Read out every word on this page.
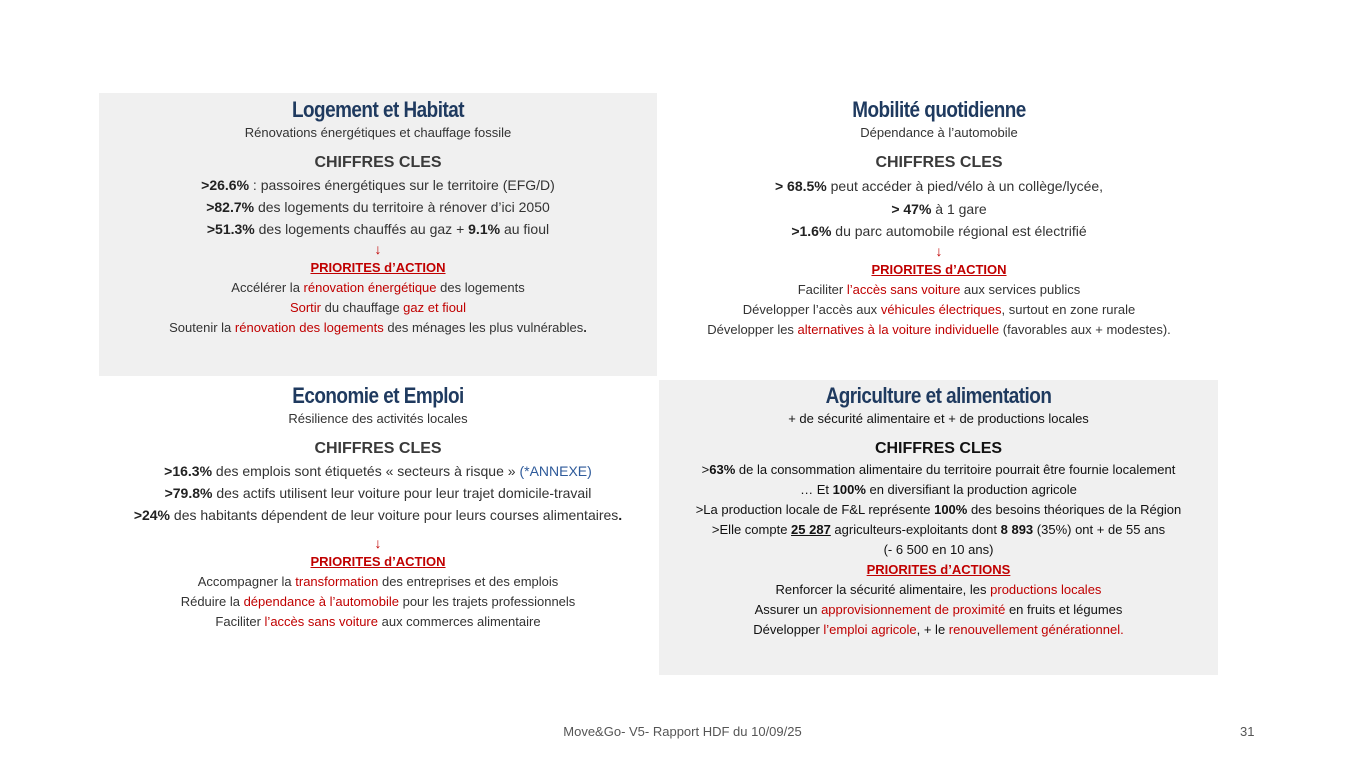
Logement et Habitat

Rénovations énergétiques et chauffage fossile

CHIFFRES CLES

>26.6% : passoires énergétiques sur le territoire (EFG/D)

>82.7% des logements du territoire à rénover d’ici 2050

>51.3% des logements chauffés au gaz + 9.1% au fioul

↓

PRIORITES d’ACTION

Accélérer la rénovation énergétique des logements

Sortir du chauffage gaz et fioul

Soutenir la rénovation des logements des ménages les plus vulnérables.

Mobilité quotidienne

Dépendance à l’automobile

CHIFFRES CLES

> 68.5% peut accéder à pied/vélo à un collège/lycée,

> 47% à 1 gare

>1.6% du parc automobile régional est électrifié

↓

PRIORITES d’ACTION

Faciliter l’accès sans voiture aux services publics

Développer l’accès aux véhicules électriques, surtout en zone rurale

Développer les alternatives à la voiture individuelle (favorables aux + modestes).

Economie et Emploi

Résilience des activités locales

CHIFFRES CLES

>16.3% des emplois sont étiquetés « secteurs à risque » (*ANNEXE)

>79.8% des actifs utilisent leur voiture pour leur trajet domicile-travail

>24% des habitants dépendent de leur voiture pour leurs courses alimentaires.

↓

PRIORITES d’ACTION

Accompagner la transformation des entreprises et des emplois

Réduire la dépendance à l’automobile pour les trajets professionnels

Faciliter l’accès sans voiture aux commerces alimentaire

Agriculture et alimentation

+ de sécurité alimentaire et + de productions locales

CHIFFRES CLES

>63% de la consommation alimentaire du territoire pourrait être fournie localement

… Et 100% en diversifiant la production agricole

>La production locale de F&L représente 100% des besoins théoriques de la Région

>Elle compte 25 287 agriculteurs-exploitants dont 8 893 (35%) ont + de 55 ans

(- 6 500 en 10 ans)

PRIORITES d’ACTIONS

Renforcer la sécurité alimentaire, les productions locales

Assurer un approvisionnement de proximité en fruits et légumes

Développer l’emploi agricole, + le renouvellement générationnel.

Move&Go- V5- Rapport HDF du 10/09/25	31
